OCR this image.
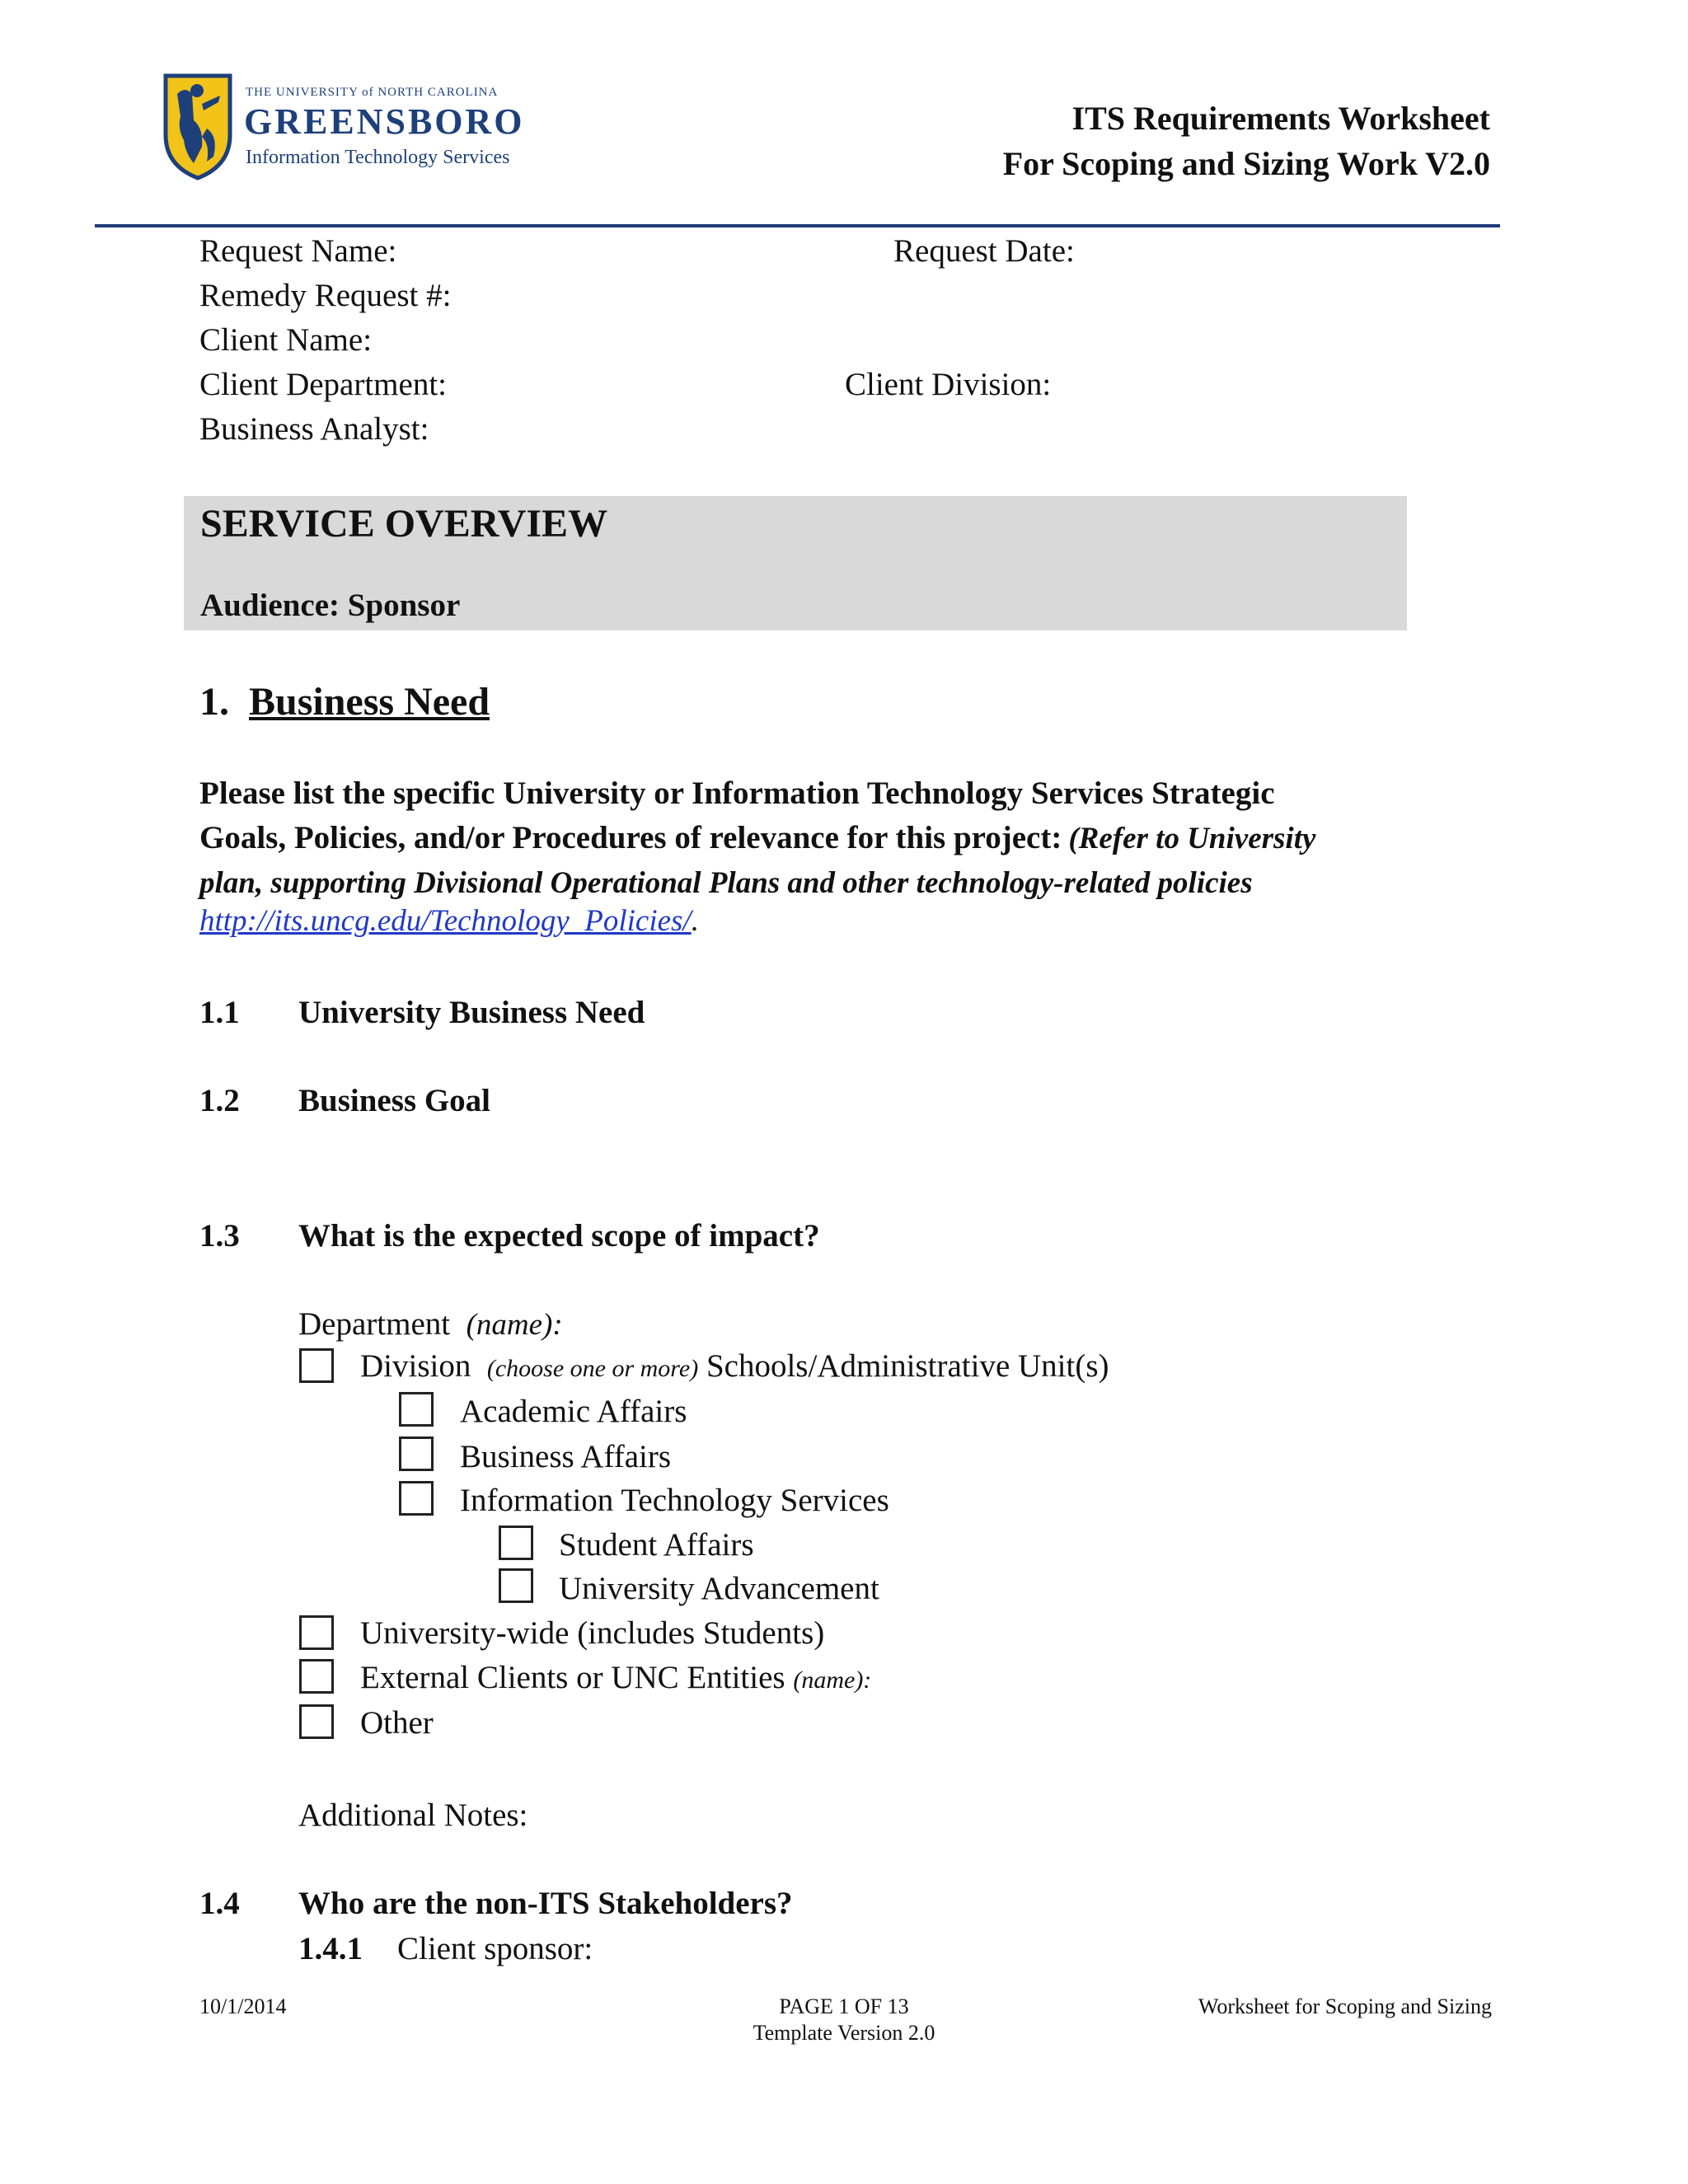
THE UNIVERSITY of NORTH CAROLINA
GREENSBORO
Information Technology Services
ITS Requirements Worksheet
For Scoping and Sizing Work V2.0
Request Name:	Request Date:
Remedy Request #:
Client Name:
Client Department:	Client Division:
Business Analyst:
SERVICE OVERVIEW
Audience: Sponsor
1. Business Need
Please list the specific University or Information Technology Services Strategic
Goals, Policies, and/or Procedures of relevance for this project: (Refer to University
plan, supporting Divisional Operational Plans and other technology-related policies
http://its.uncg.edu/Technology_Policies/.
1.1 University Business Need
1.2 Business Goal
1.3 What is the expected scope of impact?
Department (name):
Division (choose one or more) Schools/Administrative Unit(s)
Academic Affairs
Business Affairs
Information Technology Services
Student Affairs
University Advancement
University-wide (includes Students)
External Clients or UNC Entities (name):
Other
Additional Notes:
1.4 Who are the non-ITS Stakeholders?
1.4.1 Client sponsor:
10/1/2014	PAGE 1 OF 13
Template Version 2.0
Worksheet for Scoping and Sizing
